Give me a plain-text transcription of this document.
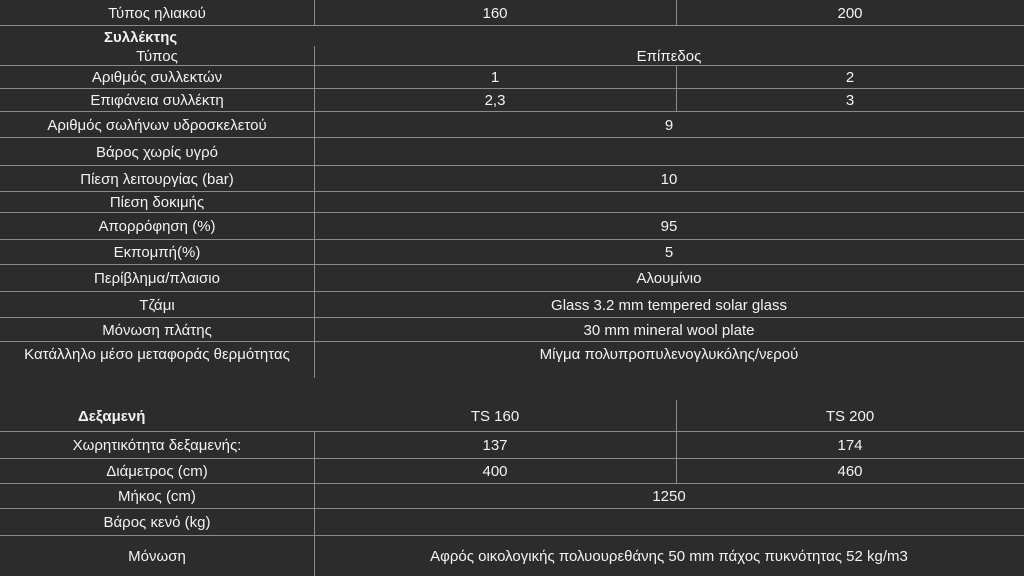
Τύπος ηλιακού	160	200
Συλλέκτης
Τύπος	Επίπεδος
Αριθμός συλλεκτών	1	2
Επιφάνεια συλλέκτη	2,3	3
Αριθμός σωλήνων υδροσκελετού	9
Βάρος χωρίς υγρό
Πίεση λειτουργίας (bar)	10
Πίεση δοκιμής
Απορρόφηση (%)	95
Εκπομπή(%)	5
Περίβλημα/πλαισιο	Αλουμίνιο
Τζάμι	Glass 3.2 mm tempered solar glass
Μόνωση πλάτης	30 mm mineral wool plate
Κατάλληλο μέσο μεταφοράς θερμότητας	Μίγμα πολυπροπυλενογλυκόλης/νερού
Δεξαμενή	TS 160	TS 200
Χωρητικότητα δεξαμενής:	137	174
Διάμετρος (cm)	400	460
Μήκος (cm)	1250
Βάρος κενό (kg)
Μόνωση	Αφρός οικολογικής πολυουρεθάνης 50 mm πάχος πυκνότητας 52 kg/m3
